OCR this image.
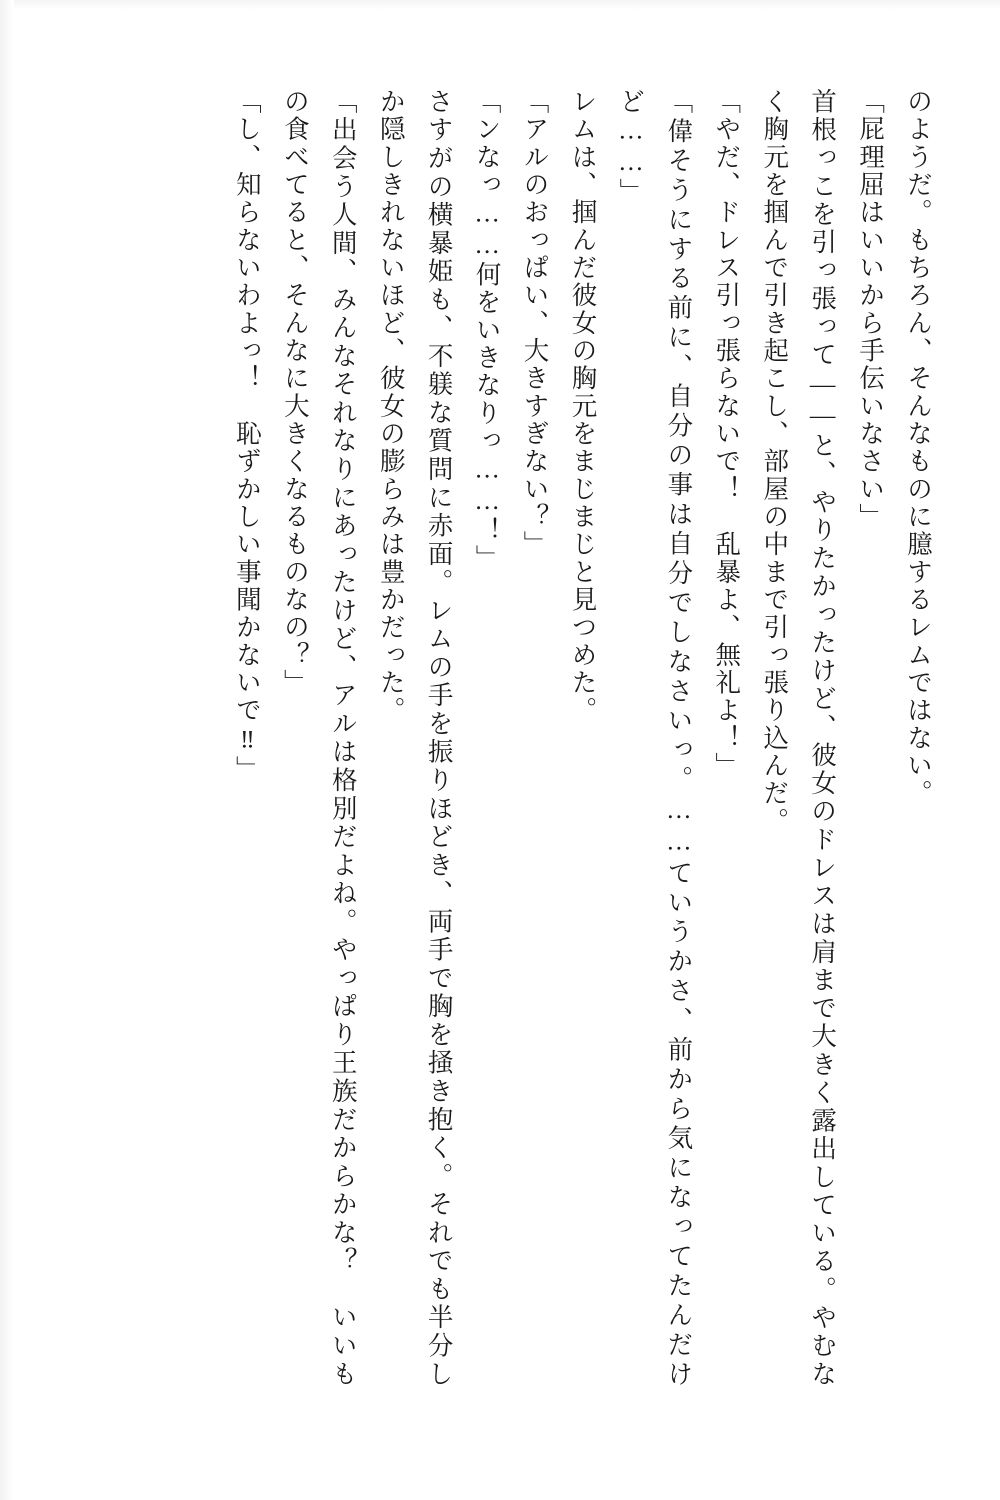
のようだ。もちろん、そんなものに臆するレムではない。

「屁理屈はいいから手伝いなさい」

首根っこを引っ張って――と、やりたかったけど、彼女のドレスは肩まで大きく露出している。やむなく胸元を掴んで引き起こし、部屋の中まで引っ張り込んだ。

「やだ、ドレス引っ張らないで！　乱暴よ、無礼よ！」

「偉そうにする前に、自分の事は自分でしなさいっ。……ていうかさ、前から気になってたんだけど……」

レムは、掴んだ彼女の胸元をまじまじと見つめた。

「アルのおっぱい、大きすぎない？」

「ンなっ……何をいきなりっ……！」

さすがの横暴姫も、不躾な質問に赤面。レムの手を振りほどき、両手で胸を掻き抱く。それでも半分しか隠しきれないほど、彼女の膨らみは豊かだった。

「出会う人間、みんなそれなりにあったけど、アルは格別だよね。やっぱり王族だからかな？　いいもの食べてると、そんなに大きくなるものなの？」

「し、知らないわよっ！　恥ずかしい事聞かないで‼」
